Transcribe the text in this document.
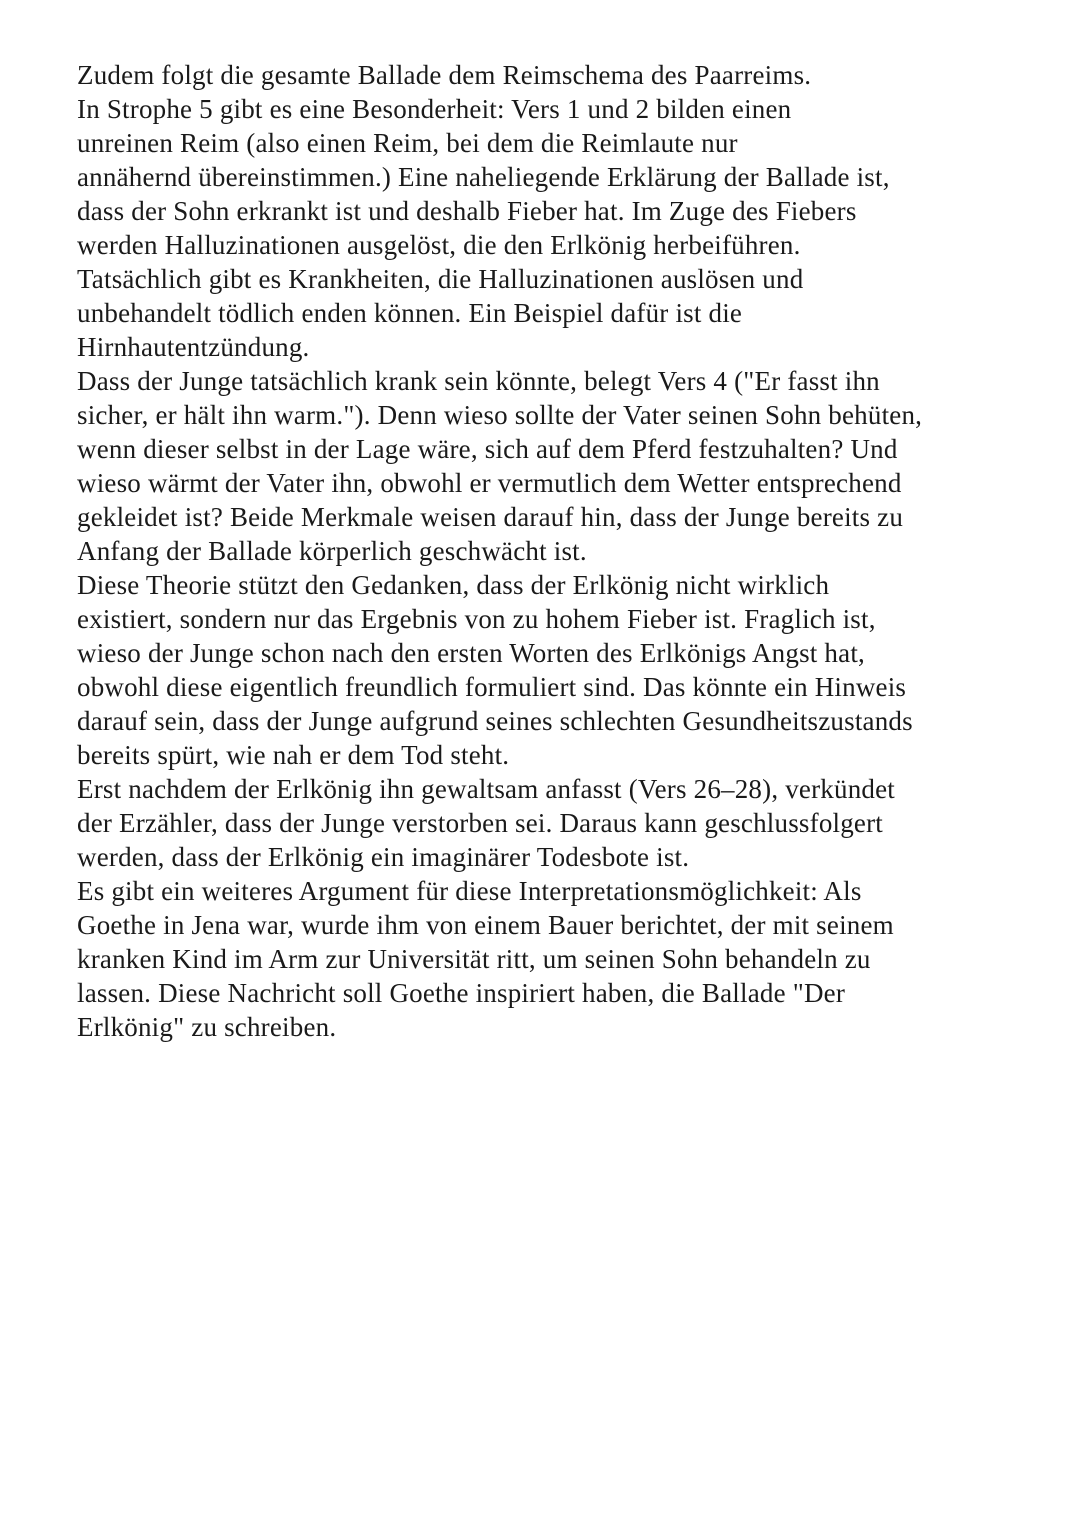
Zudem folgt die gesamte Ballade dem Reimschema des Paarreims.
In Strophe 5 gibt es eine Besonderheit: Vers 1 und 2 bilden einen
unreinen Reim (also einen Reim, bei dem die Reimlaute nur
annähernd übereinstimmen.) Eine naheliegende Erklärung der Ballade ist,
dass der Sohn erkrankt ist und deshalb Fieber hat. Im Zuge des Fiebers
werden Halluzinationen ausgelöst, die den Erlkönig herbeiführen.
Tatsächlich gibt es Krankheiten, die Halluzinationen auslösen und
unbehandelt tödlich enden können. Ein Beispiel dafür ist die
Hirnhautentzündung.
Dass der Junge tatsächlich krank sein könnte, belegt Vers 4 ("Er fasst ihn
sicher, er hält ihn warm."). Denn wieso sollte der Vater seinen Sohn behüten,
wenn dieser selbst in der Lage wäre, sich auf dem Pferd festzuhalten? Und
wieso wärmt der Vater ihn, obwohl er vermutlich dem Wetter entsprechend
gekleidet ist? Beide Merkmale weisen darauf hin, dass der Junge bereits zu
Anfang der Ballade körperlich geschwächt ist.
Diese Theorie stützt den Gedanken, dass der Erlkönig nicht wirklich
existiert, sondern nur das Ergebnis von zu hohem Fieber ist. Fraglich ist,
wieso der Junge schon nach den ersten Worten des Erlkönigs Angst hat,
obwohl diese eigentlich freundlich formuliert sind. Das könnte ein Hinweis
darauf sein, dass der Junge aufgrund seines schlechten Gesundheitszustands
bereits spürt, wie nah er dem Tod steht.
Erst nachdem der Erlkönig ihn gewaltsam anfasst (Vers 26–28), verkündet
der Erzähler, dass der Junge verstorben sei. Daraus kann geschlussfolgert
werden, dass der Erlkönig ein imaginärer Todesbote ist.
Es gibt ein weiteres Argument für diese Interpretationsmöglichkeit: Als
Goethe in Jena war, wurde ihm von einem Bauer berichtet, der mit seinem
kranken Kind im Arm zur Universität ritt, um seinen Sohn behandeln zu
lassen. Diese Nachricht soll Goethe inspiriert haben, die Ballade "Der
Erlkönig" zu schreiben.
